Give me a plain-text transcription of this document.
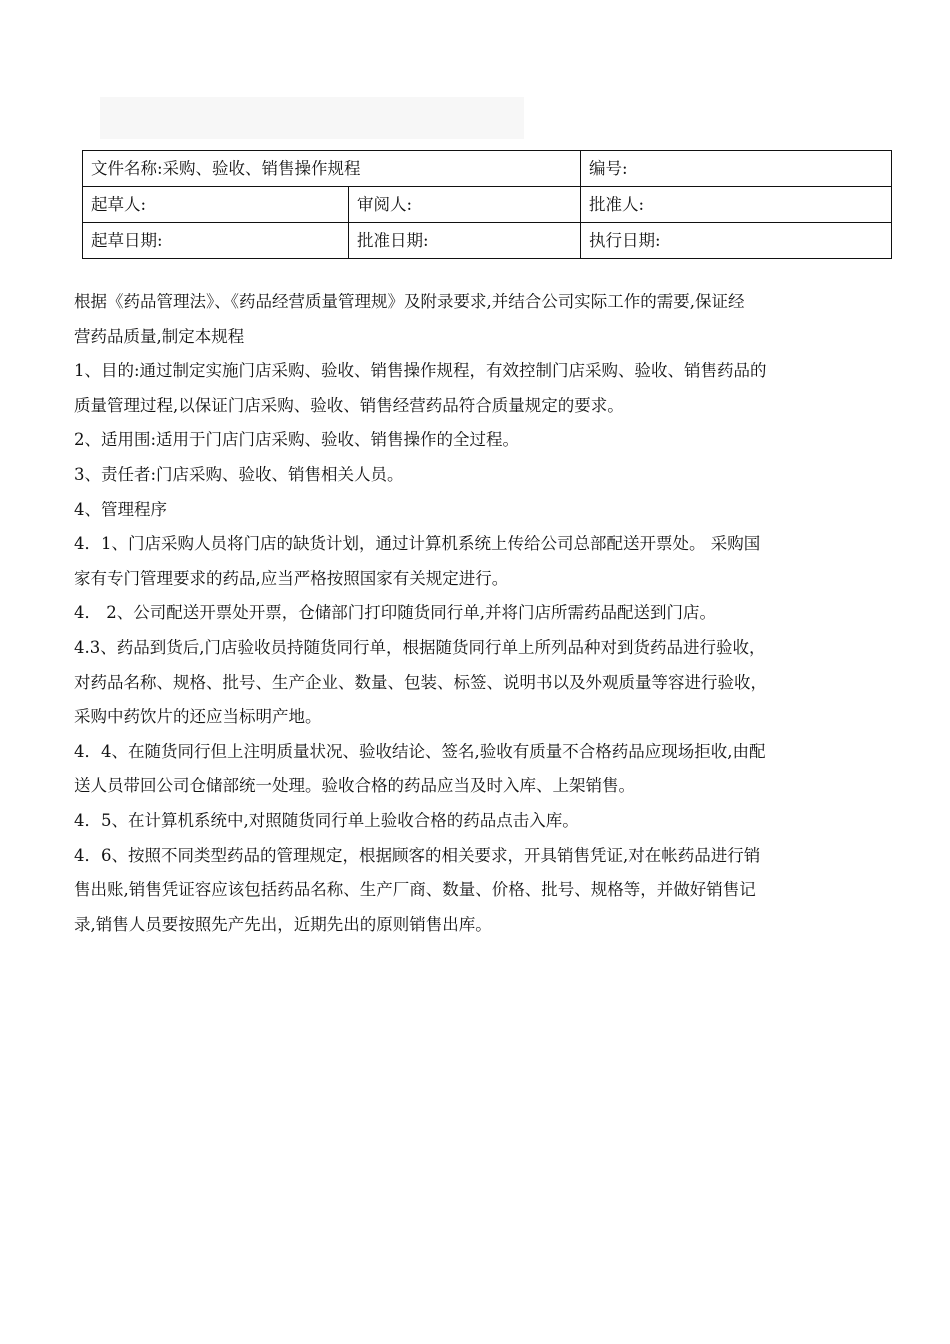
文件名称:采购、验收、销售操作规程		编号:
起草人:	审阅人:	批准人:
起草日期:	批准日期:	执行日期:

根据《药品管理法》、《药品经营质量管理规》及附录要求,并结合公司实际工作的需要,保证经
营药品质量,制定本规程

1、目的:通过制定实施门店采购、验收、销售操作规程，有效控制门店采购、验收、销售药品的
质量管理过程,以保证门店采购、验收、销售经营药品符合质量规定的要求。

2、适用围:适用于门店门店采购、验收、销售操作的全过程。

3、责任者:门店采购、验收、销售相关人员。

4、管理程序

4．1、门店采购人员将门店的缺货计划，通过计算机系统上传给公司总部配送开票处。 采购国
家有专门管理要求的药品,应当严格按照国家有关规定进行。

4． 2、公司配送开票处开票，仓储部门打印随货同行单,并将门店所需药品配送到门店。

4.3、药品到货后,门店验收员持随货同行单，根据随货同行单上所列品种对到货药品进行验收，
对药品名称、规格、批号、生产企业、数量、包装、标签、说明书以及外观质量等容进行验收，
采购中药饮片的还应当标明产地。

4．4、在随货同行但上注明质量状况、验收结论、签名,验收有质量不合格药品应现场拒收,由配
送人员带回公司仓储部统一处理。验收合格的药品应当及时入库、上架销售。

4．5、在计算机系统中,对照随货同行单上验收合格的药品点击入库。

4．6、按照不同类型药品的管理规定，根据顾客的相关要求，开具销售凭证,对在帐药品进行销
售出账,销售凭证容应该包括药品名称、生产厂商、数量、价格、批号、规格等，并做好销售记
录,销售人员要按照先产先出，近期先出的原则销售出库。
